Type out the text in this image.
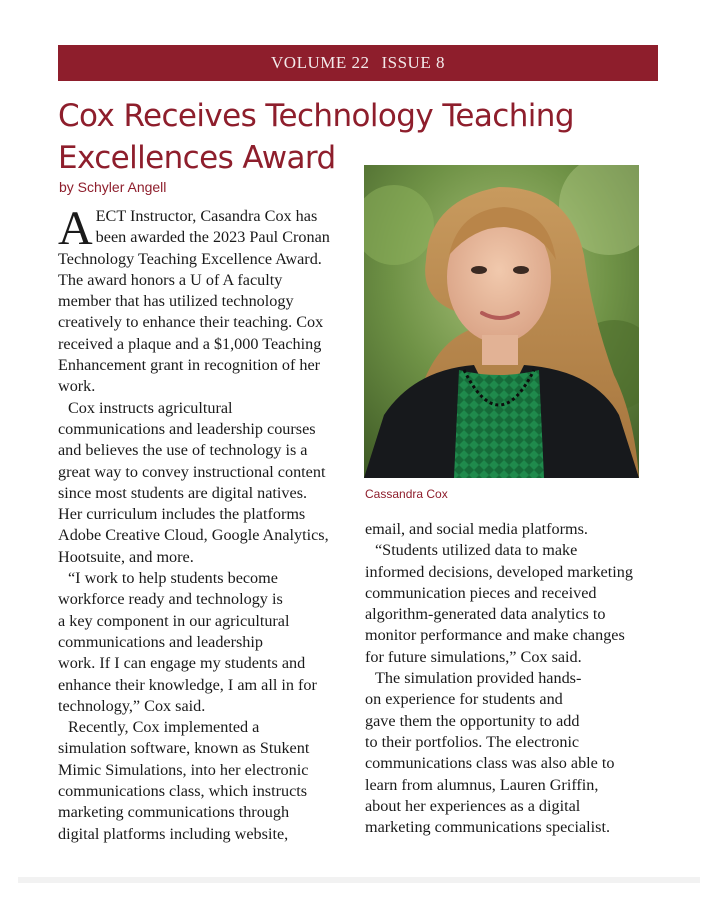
VOLUME 22 ISSUE 8
Cox Receives Technology Teaching
Excellences Award
by Schyler Angell

A ECT Instructor, Casandra Cox has
been awarded the 2023 Paul Cronan
Technology Teaching Excellence Award.
The award honors a U of A faculty
member that has utilized technology
creatively to enhance their teaching. Cox
received a plaque and a $1,000 Teaching
Enhancement grant in recognition of her
work.

Cox instructs agricultural
communications and leadership courses
and believes the use of technology is a
great way to convey instructional content
since most students are digital natives.
Her curriculum includes the platforms
Adobe Creative Cloud, Google Analytics,
Hootsuite, and more.

“I work to help students become
workforce ready and technology is
a key component in our agricultural
communications and leadership
work. If I can engage my students and
enhance their knowledge, I am all in for
technology,” Cox said.

Recently, Cox implemented a
simulation software, known as Stukent
Mimic Simulations, into her electronic
communications class, which instructs
marketing communications through
digital platforms including website,

Cassandra Cox

email, and social media platforms.

“Students utilized data to make
informed decisions, developed marketing
communication pieces and received
algorithm-generated data analytics to
monitor performance and make changes
for future simulations,” Cox said.

The simulation provided hands-
on experience for students and
gave them the opportunity to add
to their portfolios. The electronic
communications class was also able to
learn from alumnus, Lauren Griffin,
about her experiences as a digital
marketing communications specialist.
